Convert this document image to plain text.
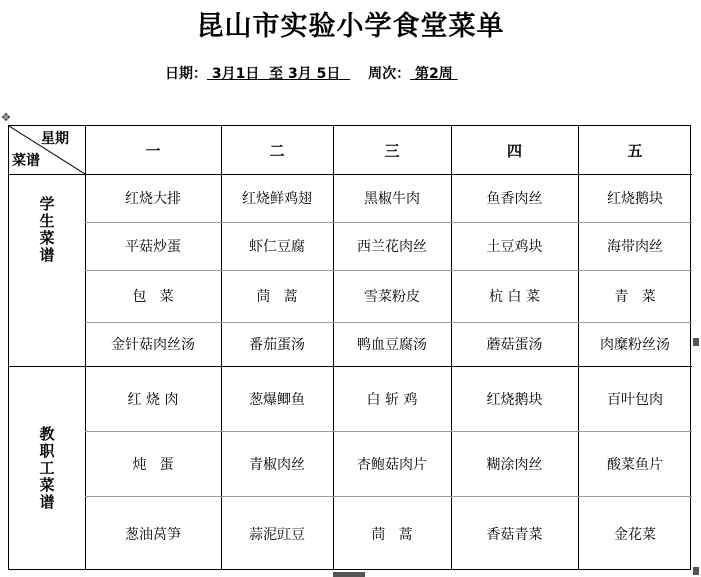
昆山市实验小学食堂菜单
日期： 3月1日  至 3月 5日  周次： 第2周
✥
星期
菜谱
一	二	三	四	五
学生菜谱	红烧大排	红烧鲜鸡翅	黑椒牛肉	鱼香肉丝	红烧鹅块
平菇炒蛋	虾仁豆腐	西兰花肉丝	土豆鸡块	海带肉丝
包   菜	茼   蒿	雪菜粉皮	杭 白 菜	青   菜
金针菇肉丝汤	番茄蛋汤	鸭血豆腐汤	蘑菇蛋汤	肉糜粉丝汤
教职工菜谱
红 烧 肉	葱爆鲫鱼	白 斩 鸡	红烧鹅块	百叶包肉
炖   蛋	青椒肉丝	杏鲍菇肉片	糊涂肉丝	酸菜鱼片
葱油莴笋	蒜泥豇豆	茼   蒿	香菇青菜	金花菜
